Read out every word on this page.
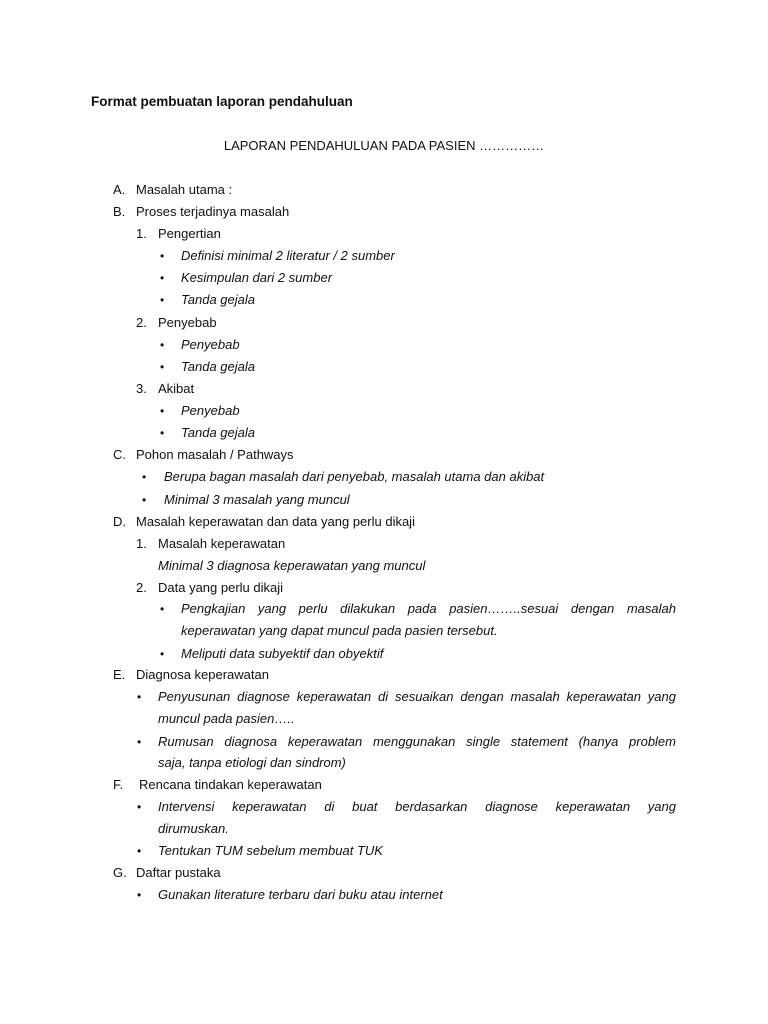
Format pembuatan laporan pendahuluan
LAPORAN PENDAHULUAN PADA PASIEN ……………
A. Masalah utama :
B. Proses terjadinya masalah
1. Pengertian
• Definisi minimal 2 literatur / 2 sumber
• Kesimpulan dari 2 sumber
• Tanda gejala
2. Penyebab
• Penyebab
• Tanda gejala
3. Akibat
• Penyebab
• Tanda gejala
C. Pohon masalah / Pathways
• Berupa bagan masalah dari penyebab, masalah utama dan akibat
• Minimal 3 masalah yang muncul
D. Masalah keperawatan dan data yang perlu dikaji
1. Masalah keperawatan
Minimal 3 diagnosa keperawatan yang muncul
2. Data yang perlu dikaji
• Pengkajian yang perlu dilakukan pada pasien……..sesuai dengan masalah
keperawatan yang dapat muncul pada pasien tersebut.
• Meliputi data subyektif dan obyektif
E. Diagnosa keperawatan
• Penyusunan diagnose keperawatan di sesuaikan dengan masalah keperawatan yang
muncul pada pasien…..
• Rumusan diagnosa keperawatan menggunakan single statement (hanya problem
saja, tanpa etiologi dan sindrom)
F. Rencana tindakan keperawatan
• Intervensi keperawatan di buat berdasarkan diagnose keperawatan yang
dirumuskan.
• Tentukan TUM sebelum membuat TUK
G. Daftar pustaka
• Gunakan literature terbaru dari buku atau internet
